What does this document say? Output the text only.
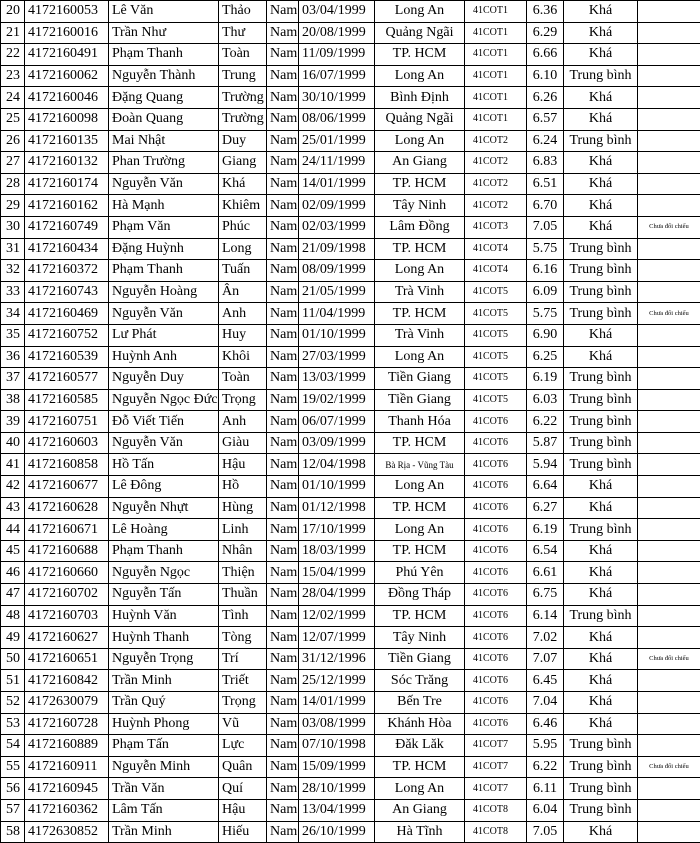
20	4172160053	Lê Văn	Thảo	Nam	03/04/1999	Long An	41COT1	6.36	Khá	
21	4172160016	Trần Như	Thư	Nam	20/08/1999	Quảng Ngãi	41COT1	6.29	Khá	
22	4172160491	Phạm Thanh	Toàn	Nam	11/09/1999	TP. HCM	41COT1	6.66	Khá	
23	4172160062	Nguyễn Thành	Trung	Nam	16/07/1999	Long An	41COT1	6.10	Trung bình	
24	4172160046	Đặng Quang	Trường	Nam	30/10/1999	Bình Định	41COT1	6.26	Khá	
25	4172160098	Đoàn Quang	Trường	Nam	08/06/1999	Quảng Ngãi	41COT1	6.57	Khá	
26	4172160135	Mai Nhật	Duy	Nam	25/01/1999	Long An	41COT2	6.24	Trung bình	
27	4172160132	Phan Trường	Giang	Nam	24/11/1999	An Giang	41COT2	6.83	Khá	
28	4172160174	Nguyễn Văn	Khá	Nam	14/01/1999	TP. HCM	41COT2	6.51	Khá	
29	4172160162	Hà Mạnh	Khiêm	Nam	02/09/1999	Tây Ninh	41COT2	6.70	Khá	
30	4172160749	Phạm Văn	Phúc	Nam	02/03/1999	Lâm Đồng	41COT3	7.05	Khá	Chưa đối chiếu
31	4172160434	Đặng Huỳnh	Long	Nam	21/09/1998	TP. HCM	41COT4	5.75	Trung bình	
32	4172160372	Phạm Thanh	Tuấn	Nam	08/09/1999	Long An	41COT4	6.16	Trung bình	
33	4172160743	Nguyễn Hoàng	Ân	Nam	21/05/1999	Trà Vinh	41COT5	6.09	Trung bình	
34	4172160469	Nguyễn Văn	Anh	Nam	11/04/1999	TP. HCM	41COT5	5.75	Trung bình	Chưa đối chiếu
35	4172160752	Lư Phát	Huy	Nam	01/10/1999	Trà Vinh	41COT5	6.90	Khá	
36	4172160539	Huỳnh Anh	Khôi	Nam	27/03/1999	Long An	41COT5	6.25	Khá	
37	4172160577	Nguyễn Duy	Toàn	Nam	13/03/1999	Tiền Giang	41COT5	6.19	Trung bình	
38	4172160585	Nguyễn Ngọc Đức	Trọng	Nam	19/02/1999	Tiền Giang	41COT5	6.03	Trung bình	
39	4172160751	Đỗ Viết Tiến	Anh	Nam	06/07/1999	Thanh Hóa	41COT6	6.22	Trung bình	
40	4172160603	Nguyễn Văn	Giàu	Nam	03/09/1999	TP. HCM	41COT6	5.87	Trung bình	
41	4172160858	Hồ Tấn	Hậu	Nam	12/04/1998	Bà Rịa - Vũng Tàu	41COT6	5.94	Trung bình	
42	4172160677	Lê Đông	Hồ	Nam	01/10/1999	Long An	41COT6	6.64	Khá	
43	4172160628	Nguyễn Nhựt	Hùng	Nam	01/12/1998	TP. HCM	41COT6	6.27	Khá	
44	4172160671	Lê Hoàng	Linh	Nam	17/10/1999	Long An	41COT6	6.19	Trung bình	
45	4172160688	Phạm Thanh	Nhân	Nam	18/03/1999	TP. HCM	41COT6	6.54	Khá	
46	4172160660	Nguyễn Ngọc	Thiện	Nam	15/04/1999	Phú Yên	41COT6	6.61	Khá	
47	4172160702	Nguyễn Tấn	Thuần	Nam	28/04/1999	Đồng Tháp	41COT6	6.75	Khá	
48	4172160703	Huỳnh Văn	Tình	Nam	12/02/1999	TP. HCM	41COT6	6.14	Trung bình	
49	4172160627	Huỳnh Thanh	Tòng	Nam	12/07/1999	Tây Ninh	41COT6	7.02	Khá	
50	4172160651	Nguyễn Trọng	Trí	Nam	31/12/1996	Tiền Giang	41COT6	7.07	Khá	Chưa đối chiếu
51	4172160842	Trần Minh	Triết	Nam	25/12/1999	Sóc Trăng	41COT6	6.45	Khá	
52	4172630079	Trần Quý	Trọng	Nam	14/01/1999	Bến Tre	41COT6	7.04	Khá	
53	4172160728	Huỳnh Phong	Vũ	Nam	03/08/1999	Khánh Hòa	41COT6	6.46	Khá	
54	4172160889	Phạm Tấn	Lực	Nam	07/10/1998	Đăk Lăk	41COT7	5.95	Trung bình	
55	4172160911	Nguyễn Minh	Quân	Nam	15/09/1999	TP. HCM	41COT7	6.22	Trung bình	Chưa đối chiếu
56	4172160945	Trần Văn	Quí	Nam	28/10/1999	Long An	41COT7	6.11	Trung bình	
57	4172160362	Lâm Tấn	Hậu	Nam	13/04/1999	An Giang	41COT8	6.04	Trung bình	
58	4172630852	Trần Minh	Hiếu	Nam	26/10/1999	Hà Tĩnh	41COT8	7.05	Khá	
